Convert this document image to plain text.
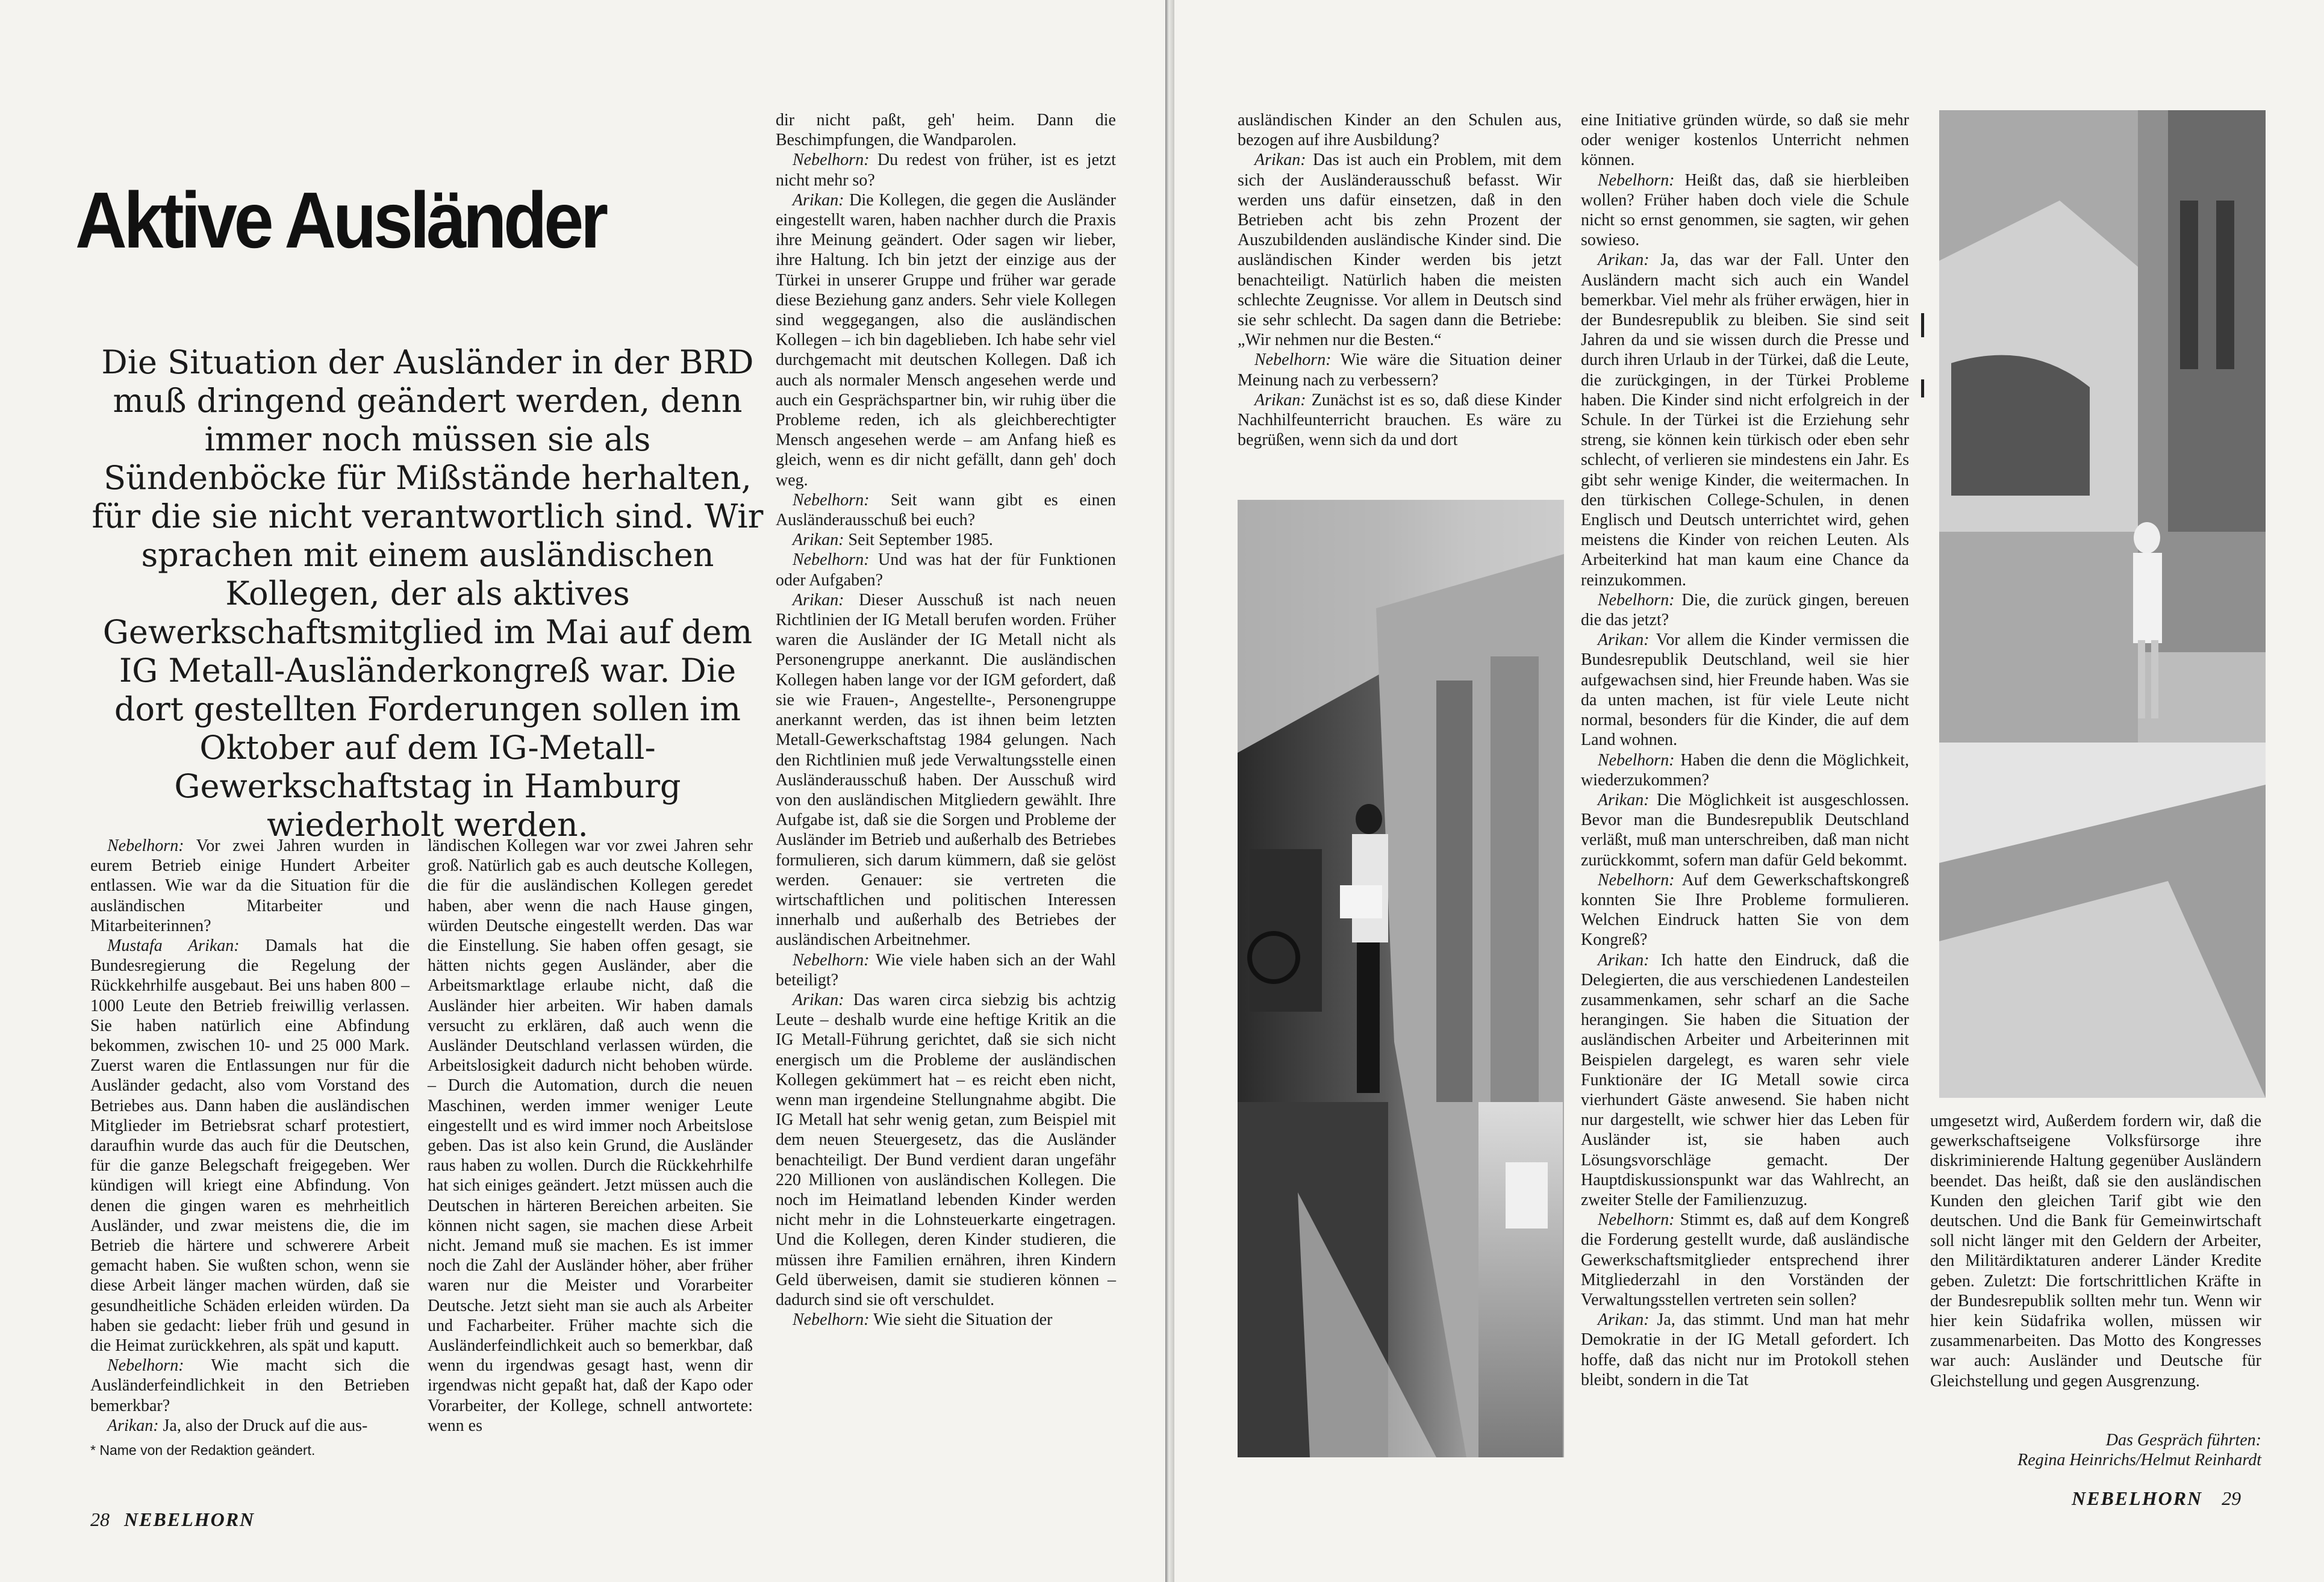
Aktive Ausländer
Die Situation der Ausländer in der BRD muß dringend geändert werden, denn immer noch müssen sie als Sündenböcke für Mißstände herhalten, für die sie nicht verantwortlich sind. Wir sprachen mit einem ausländischen Kollegen, der als aktives Gewerkschaftsmitglied im Mai auf dem IG Metall-Ausländerkongreß war. Die dort gestellten Forderungen sollen im Oktober auf dem IG-Metall-Gewerkschaftstag in Hamburg wiederholt werden.

Nebelhorn: Vor zwei Jahren wurden in eurem Betrieb einige Hundert Arbeiter entlassen. Wie war da die Situation für die ausländischen Mitarbeiter und Mitarbeiterinnen?

Mustafa Arikan: Damals hat die Bundesregierung die Regelung der Rückkehrhilfe ausgebaut. Bei uns haben 800 – 1000 Leute den Betrieb freiwillig verlassen. Sie haben natürlich eine Abfindung bekommen, zwischen 10- und 25 000 Mark. Zuerst waren die Entlassungen nur für die Ausländer gedacht, also vom Vorstand des Betriebes aus. Dann haben die ausländischen Mitglieder im Betriebsrat scharf protestiert, daraufhin wurde das auch für die Deutschen, für die ganze Belegschaft freigegeben. Wer kündigen will kriegt eine Abfindung. Von denen die gingen waren es mehrheitlich Ausländer, und zwar meistens die, die im Betrieb die härtere und schwerere Arbeit gemacht haben. Sie wußten schon, wenn sie diese Arbeit länger machen würden, daß sie gesundheitliche Schäden erleiden würden. Da haben sie gedacht: lieber früh und gesund in die Heimat zurückkehren, als spät und kaputt.

Nebelhorn: Wie macht sich die Ausländerfeindlichkeit in den Betrieben bemerkbar?

Arikan: Ja, also der Druck auf die aus-

* Name von der Redaktion geändert.

ländischen Kollegen war vor zwei Jahren sehr groß. Natürlich gab es auch deutsche Kollegen, die für die ausländischen Kollegen geredet haben, aber wenn die nach Hause gingen, würden Deutsche eingestellt werden. Das war die Einstellung. Sie haben offen gesagt, sie hätten nichts gegen Ausländer, aber die Arbeitsmarktlage erlaube nicht, daß die Ausländer hier arbeiten. Wir haben damals versucht zu erklären, daß auch wenn die Ausländer Deutschland verlassen würden, die Arbeitslosigkeit dadurch nicht behoben würde. – Durch die Automation, durch die neuen Maschinen, werden immer weniger Leute eingestellt und es wird immer noch Arbeitslose geben. Das ist also kein Grund, die Ausländer raus haben zu wollen. Durch die Rückkehrhilfe hat sich einiges geändert. Jetzt müssen auch die Deutschen in härteren Bereichen arbeiten. Sie können nicht sagen, sie machen diese Arbeit nicht. Jemand muß sie machen. Es ist immer noch die Zahl der Ausländer höher, aber früher waren nur die Meister und Vorarbeiter Deutsche. Jetzt sieht man sie auch als Arbeiter und Facharbeiter. Früher machte sich die Ausländerfeindlichkeit auch so bemerkbar, daß wenn du irgendwas gesagt hast, wenn dir irgendwas nicht gepaßt hat, daß der Kapo oder Vorarbeiter, der Kollege, schnell antwortete: wenn es

dir nicht paßt, geh' heim. Dann die Beschimpfungen, die Wandparolen.

Nebelhorn: Du redest von früher, ist es jetzt nicht mehr so?

Arikan: Die Kollegen, die gegen die Ausländer eingestellt waren, haben nachher durch die Praxis ihre Meinung geändert. Oder sagen wir lieber, ihre Haltung. Ich bin jetzt der einzige aus der Türkei in unserer Gruppe und früher war gerade diese Beziehung ganz anders. Sehr viele Kollegen sind weggegangen, also die ausländischen Kollegen – ich bin dageblieben. Ich habe sehr viel durchgemacht mit deutschen Kollegen. Daß ich auch als normaler Mensch angesehen werde und auch ein Gesprächspartner bin, wir ruhig über die Probleme reden, ich als gleichberechtigter Mensch angesehen werde – am Anfang hieß es gleich, wenn es dir nicht gefällt, dann geh' doch weg.

Nebelhorn: Seit wann gibt es einen Ausländerausschuß bei euch?

Arikan: Seit September 1985.

Nebelhorn: Und was hat der für Funktionen oder Aufgaben?

Arikan: Dieser Ausschuß ist nach neuen Richtlinien der IG Metall berufen worden. Früher waren die Ausländer der IG Metall nicht als Personengruppe anerkannt. Die ausländischen Kollegen haben lange vor der IGM gefordert, daß sie wie Frauen-, Angestellte-, Personengruppe anerkannt werden, das ist ihnen beim letzten Metall-Gewerkschaftstag 1984 gelungen. Nach den Richtlinien muß jede Verwaltungsstelle einen Ausländerausschuß haben. Der Ausschuß wird von den ausländischen Mitgliedern gewählt. Ihre Aufgabe ist, daß sie die Sorgen und Probleme der Ausländer im Betrieb und außerhalb des Betriebes formulieren, sich darum kümmern, daß sie gelöst werden. Genauer: sie vertreten die wirtschaftlichen und politischen Interessen innerhalb und außerhalb des Betriebes der ausländischen Arbeitnehmer.

Nebelhorn: Wie viele haben sich an der Wahl beteiligt?

Arikan: Das waren circa siebzig bis achtzig Leute – deshalb wurde eine heftige Kritik an die IG Metall-Führung gerichtet, daß sie sich nicht energisch um die Probleme der ausländischen Kollegen gekümmert hat – es reicht eben nicht, wenn man irgendeine Stellungnahme abgibt. Die IG Metall hat sehr wenig getan, zum Beispiel mit dem neuen Steuergesetz, das die Ausländer benachteiligt. Der Bund verdient daran ungefähr 220 Millionen von ausländischen Kollegen. Die noch im Heimatland lebenden Kinder werden nicht mehr in die Lohnsteuerkarte eingetragen. Und die Kollegen, deren Kinder studieren, die müssen ihre Familien ernähren, ihren Kindern Geld überweisen, damit sie studieren können – dadurch sind sie oft verschuldet.

Nebelhorn: Wie sieht die Situation der

28 NEBELHORN

ausländischen Kinder an den Schulen aus, bezogen auf ihre Ausbildung?

Arikan: Das ist auch ein Problem, mit dem sich der Ausländerausschuß befasst. Wir werden uns dafür einsetzen, daß in den Betrieben acht bis zehn Prozent der Auszubildenden ausländische Kinder sind. Die ausländischen Kinder werden bis jetzt benachteiligt. Natürlich haben die meisten schlechte Zeugnisse. Vor allem in Deutsch sind sie sehr schlecht. Da sagen dann die Betriebe: „Wir nehmen nur die Besten.“

Nebelhorn: Wie wäre die Situation deiner Meinung nach zu verbessern?

Arikan: Zunächst ist es so, daß diese Kinder Nachhilfeunterricht brauchen. Es wäre zu begrüßen, wenn sich da und dort

eine Initiative gründen würde, so daß sie mehr oder weniger kostenlos Unterricht nehmen können.

Nebelhorn: Heißt das, daß sie hierbleiben wollen? Früher haben doch viele die Schule nicht so ernst genommen, sie sagten, wir gehen sowieso.

Arikan: Ja, das war der Fall. Unter den Ausländern macht sich auch ein Wandel bemerkbar. Viel mehr als früher erwägen, hier in der Bundesrepublik zu bleiben. Sie sind seit Jahren da und sie wissen durch die Presse und durch ihren Urlaub in der Türkei, daß die Leute, die zurückgingen, in der Türkei Probleme haben. Die Kinder sind nicht erfolgreich in der Schule. In der Türkei ist die Erziehung sehr streng, sie können kein türkisch oder eben sehr schlecht, of verlieren sie mindestens ein Jahr. Es gibt sehr wenige Kinder, die weitermachen. In den türkischen College-Schulen, in denen Englisch und Deutsch unterrichtet wird, gehen meistens die Kinder von reichen Leuten. Als Arbeiterkind hat man kaum eine Chance da reinzukommen.

Nebelhorn: Die, die zurück gingen, bereuen die das jetzt?

Arikan: Vor allem die Kinder vermissen die Bundesrepublik Deutschland, weil sie hier aufgewachsen sind, hier Freunde haben. Was sie da unten machen, ist für viele Leute nicht normal, besonders für die Kinder, die auf dem Land wohnen.

Nebelhorn: Haben die denn die Möglichkeit, wiederzukommen?

Arikan: Die Möglichkeit ist ausgeschlossen. Bevor man die Bundesrepublik Deutschland verläßt, muß man unterschreiben, daß man nicht zurückkommt, sofern man dafür Geld bekommt.

Nebelhorn: Auf dem Gewerkschaftskongreß konnten Sie Ihre Probleme formulieren. Welchen Eindruck hatten Sie von dem Kongreß?

Arikan: Ich hatte den Eindruck, daß die Delegierten, die aus verschiedenen Landesteilen zusammenkamen, sehr scharf an die Sache herangingen. Sie haben die Situation der ausländischen Arbeiter und Arbeiterinnen mit Beispielen dargelegt, es waren sehr viele Funktionäre der IG Metall sowie circa vierhundert Gäste anwesend. Sie haben nicht nur dargestellt, wie schwer hier das Leben für Ausländer ist, sie haben auch Lösungsvorschläge gemacht. Der Hauptdiskussionspunkt war das Wahlrecht, an zweiter Stelle der Familienzuzug.

Nebelhorn: Stimmt es, daß auf dem Kongreß die Forderung gestellt wurde, daß ausländische Gewerkschaftsmitglieder entsprechend ihrer Mitgliederzahl in den Vorständen der Verwaltungsstellen vertreten sein sollen?

Arikan: Ja, das stimmt. Und man hat mehr Demokratie in der IG Metall gefordert. Ich hoffe, daß das nicht nur im Protokoll stehen bleibt, sondern in die Tat

umgesetzt wird, Außerdem fordern wir, daß die gewerkschaftseigene Volksfürsorge ihre diskriminierende Haltung gegenüber Ausländern beendet. Das heißt, daß sie den ausländischen Kunden den gleichen Tarif gibt wie den deutschen. Und die Bank für Gemeinwirtschaft soll nicht länger mit den Geldern der Arbeiter, den Militärdiktaturen anderer Länder Kredite geben. Zuletzt: Die fortschrittlichen Kräfte in der Bundesrepublik sollten mehr tun. Wenn wir hier kein Südafrika wollen, müssen wir zusammenarbeiten. Das Motto des Kongresses war auch: Ausländer und Deutsche für Gleichstellung und gegen Ausgrenzung.

Das Gespräch führten:
Regina Heinrichs/Helmut Reinhardt
NEBELHORN 29
